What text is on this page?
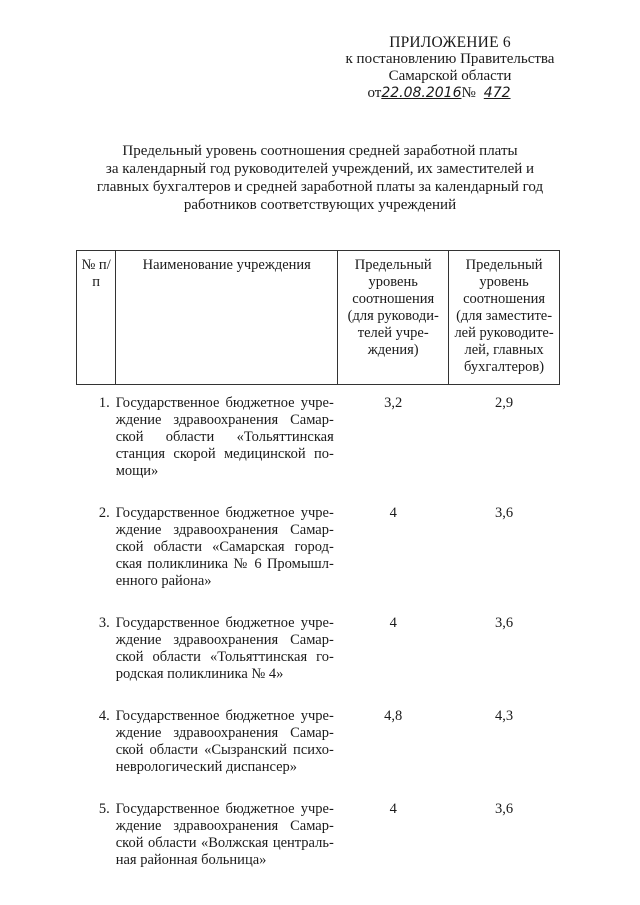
ПРИЛОЖЕНИЕ 6
к постановлению Правительства
Самарской области
от22.08.2016№ 472
Предельный уровень соотношения средней заработной платы
за календарный год руководителей учреждений, их заместителей и
главных бухгалтеров и средней заработной платы за календарный год
работников соответствующих учреждений
№ п/п	Наименование учреждения	Предельный уровень соотношения (для руководи-телей учре-ждения)	Предельный уровень соотношения (для заместите-лей руководите-лей, главных бухгалтеров)
1.	Государственное бюджетное учре-ждение здравоохранения Самар-ской области «Тольяттинская станция скорой медицинской по-мощи»	3,2	2,9
2.	Государственное бюджетное учре-ждение здравоохранения Самар-ской области «Самарская город-ская поликлиника № 6 Промышл-енного района»	4	3,6
3.	Государственное бюджетное учре-ждение здравоохранения Самар-ской области «Тольяттинская го-родская поликлиника № 4»	4	3,6
4.	Государственное бюджетное учре-ждение здравоохранения Самар-ской области «Сызранский психо-неврологический диспансер»	4,8	4,3
5.	Государственное бюджетное учре-ждение здравоохранения Самар-ской области «Волжская централь-ная районная больница»	4	3,6
